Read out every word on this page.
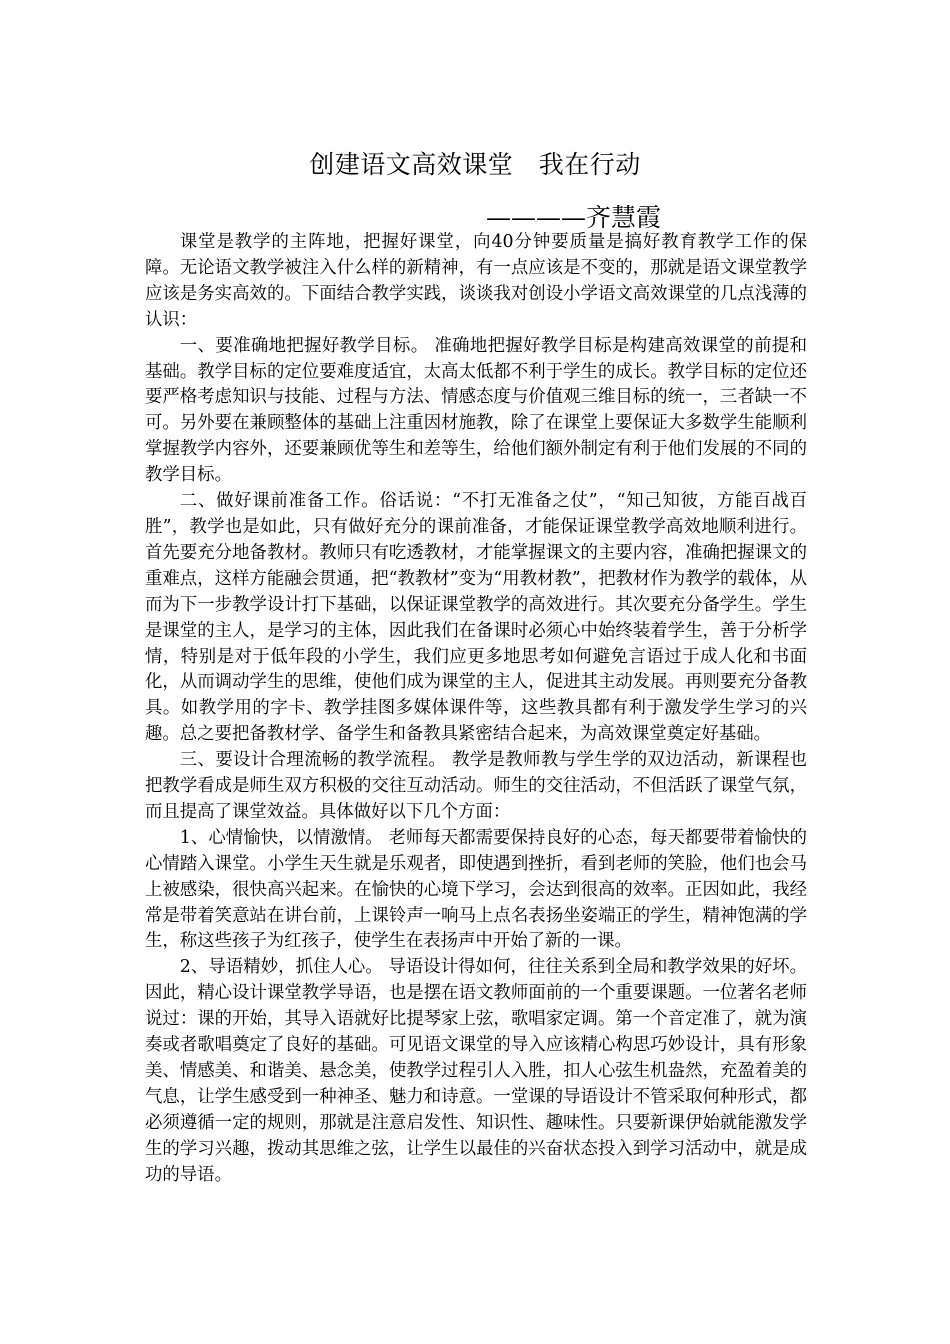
创建语文高效课堂　我在行动
————齐慧霞

课堂是教学的主阵地，把握好课堂，向40分钟要质量是搞好教育教学工作的保障。无论语文教学被注入什么样的新精神，有一点应该是不变的，那就是语文课堂教学应该是务实高效的。下面结合教学实践，谈谈我对创设小学语文高效课堂的几点浅薄的认识：

一、要准确地把握好教学目标。 准确地把握好教学目标是构建高效课堂的前提和基础。教学目标的定位要难度适宜，太高太低都不利于学生的成长。教学目标的定位还要严格考虑知识与技能、过程与方法、情感态度与价值观三维目标的统一，三者缺一不可。另外要在兼顾整体的基础上注重因材施教，除了在课堂上要保证大多数学生能顺利掌握教学内容外，还要兼顾优等生和差等生，给他们额外制定有利于他们发展的不同的教学目标。

二、做好课前准备工作。俗话说：“不打无准备之仗”，“知己知彼，方能百战百胜”，教学也是如此，只有做好充分的课前准备，才能保证课堂教学高效地顺利进行。首先要充分地备教材。教师只有吃透教材，才能掌握课文的主要内容，准确把握课文的重难点，这样方能融会贯通，把“教教材”变为“用教材教”，把教材作为教学的载体，从而为下一步教学设计打下基础，以保证课堂教学的高效进行。其次要充分备学生。学生是课堂的主人，是学习的主体，因此我们在备课时必须心中始终装着学生，善于分析学情，特别是对于低年段的小学生，我们应更多地思考如何避免言语过于成人化和书面化，从而调动学生的思维，使他们成为课堂的主人，促进其主动发展。再则要充分备教具。如教学用的字卡、教学挂图多媒体课件等，这些教具都有利于激发学生学习的兴趣。总之要把备教材学、备学生和备教具紧密结合起来，为高效课堂奠定好基础。

三、要设计合理流畅的教学流程。 教学是教师教与学生学的双边活动，新课程也把教学看成是师生双方积极的交往互动活动。师生的交往活动，不但活跃了课堂气氛，而且提高了课堂效益。具体做好以下几个方面：

1、心情愉快，以情激情。 老师每天都需要保持良好的心态，每天都要带着愉快的心情踏入课堂。小学生天生就是乐观者，即使遇到挫折，看到老师的笑脸，他们也会马上被感染，很快高兴起来。在愉快的心境下学习，会达到很高的效率。正因如此，我经常是带着笑意站在讲台前，上课铃声一响马上点名表扬坐姿端正的学生，精神饱满的学生，称这些孩子为红孩子，使学生在表扬声中开始了新的一课。

2、导语精妙，抓住人心。 导语设计得如何，往往关系到全局和教学效果的好坏。因此，精心设计课堂教学导语，也是摆在语文教师面前的一个重要课题。一位著名老师说过：课的开始，其导入语就好比提琴家上弦，歌唱家定调。第一个音定准了，就为演奏或者歌唱奠定了良好的基础。可见语文课堂的导入应该精心构思巧妙设计，具有形象美、情感美、和谐美、悬念美，使教学过程引人入胜，扣人心弦生机盎然，充盈着美的气息，让学生感受到一种神圣、魅力和诗意。一堂课的导语设计不管采取何种形式，都必须遵循一定的规则，那就是注意启发性、知识性、趣味性。只要新课伊始就能激发学生的学习兴趣，拨动其思维之弦，让学生以最佳的兴奋状态投入到学习活动中，就是成功的导语。
